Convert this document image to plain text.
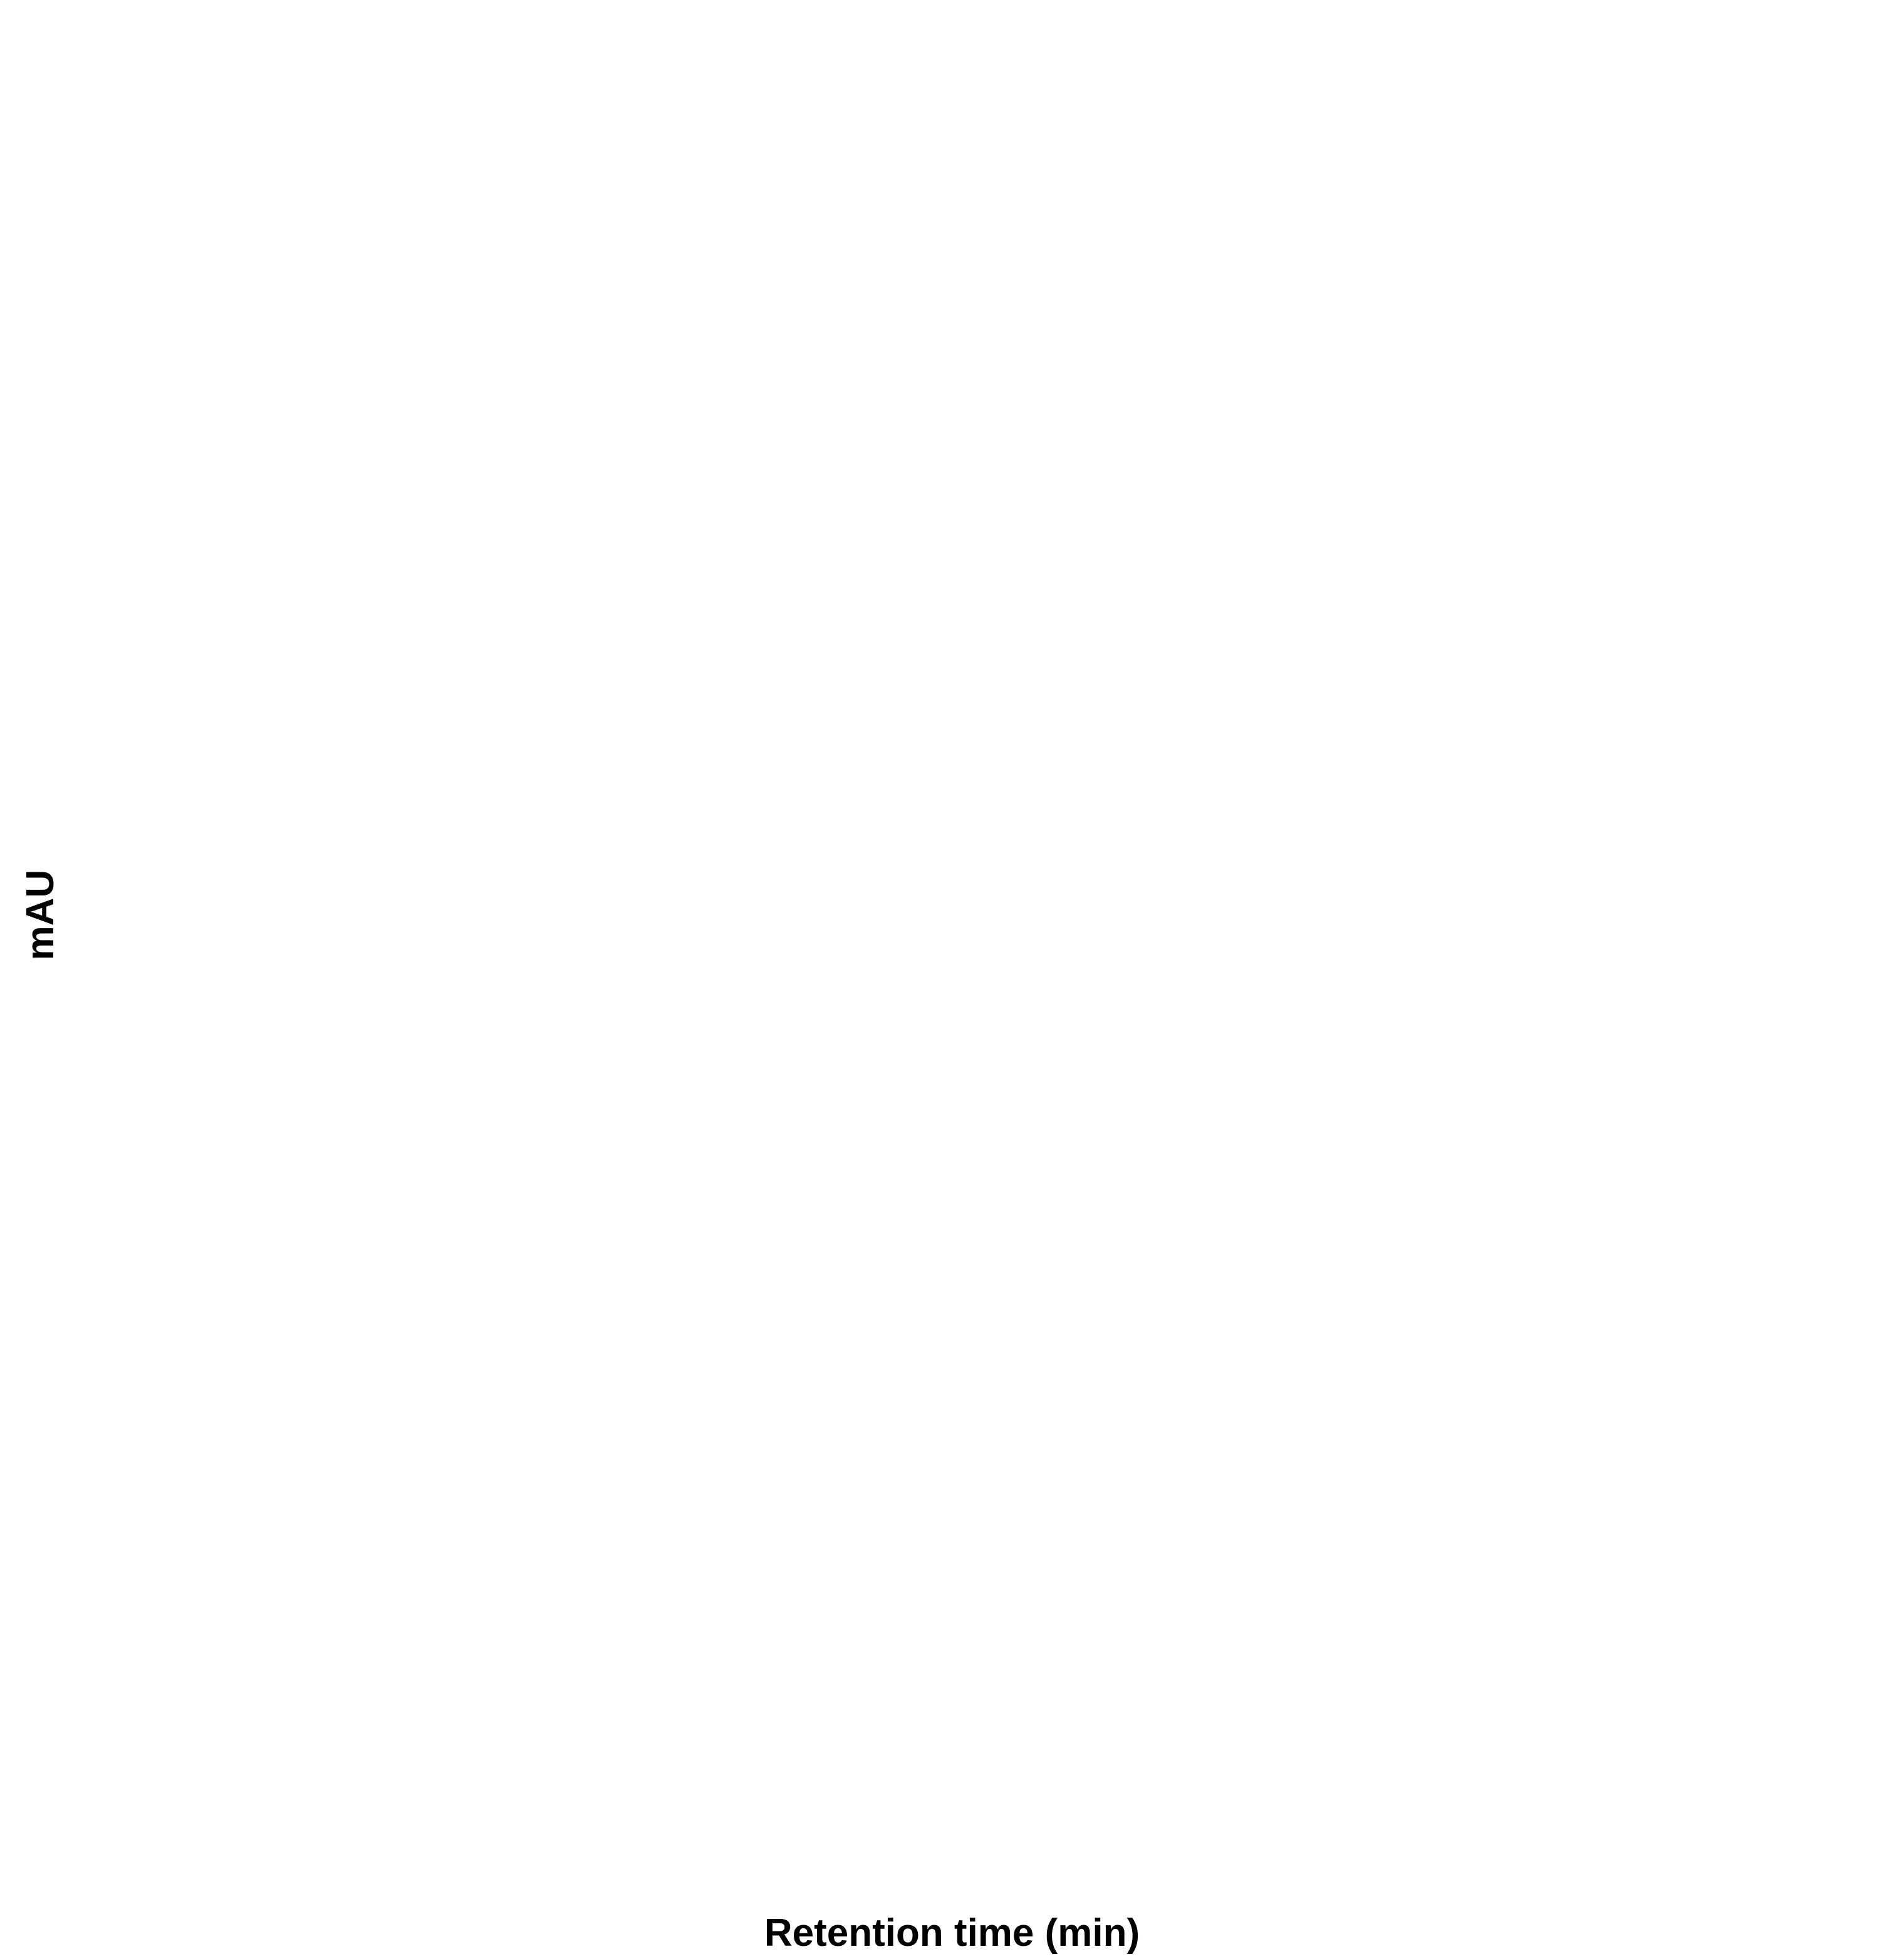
mAU
Retention time (min)
